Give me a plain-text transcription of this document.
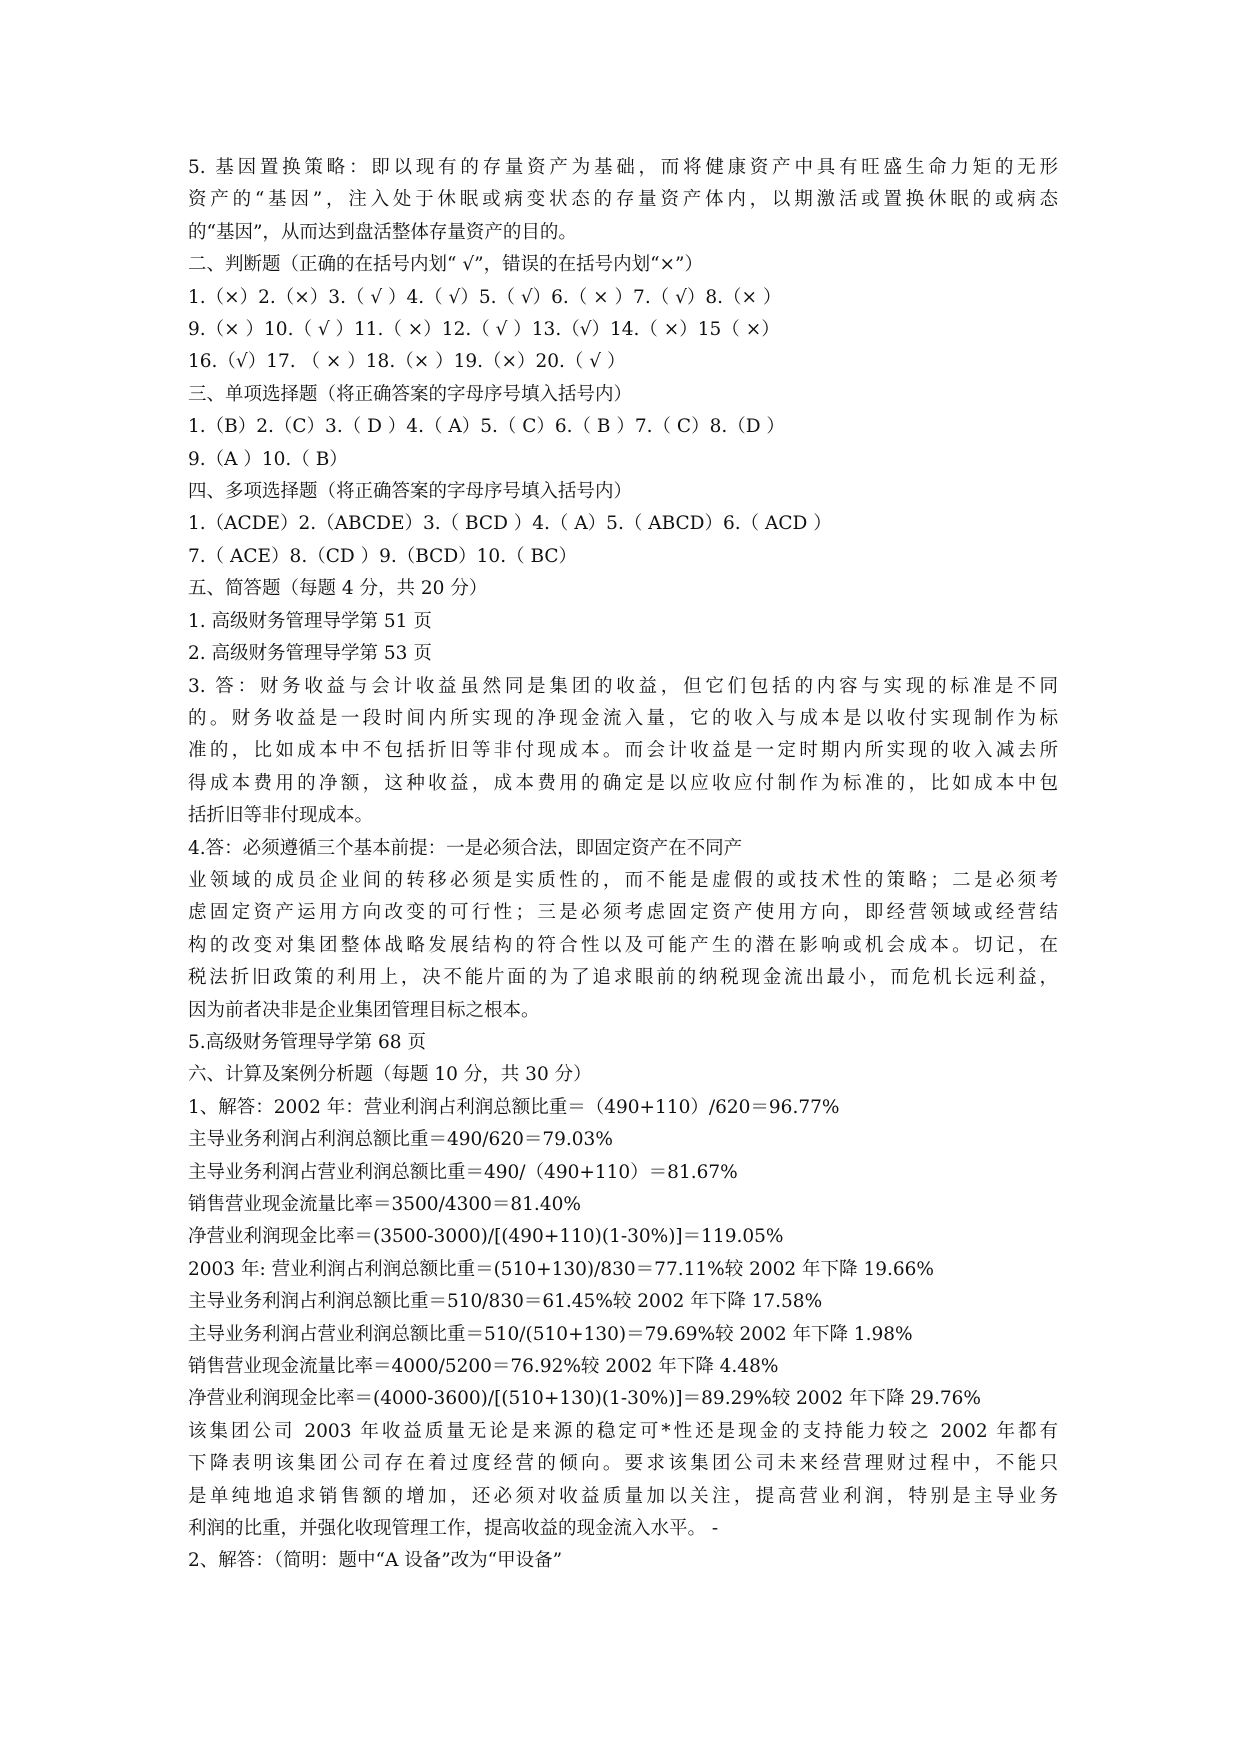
5. 基因置换策略：即以现有的存量资产为基础，而将健康资产中具有旺盛生命力矩的无形
资产的“基因”，注入处于休眠或病变状态的存量资产体内，以期激活或置换休眠的或病态
的“基因”，从而达到盘活整体存量资产的目的。
二、判断题（正确的在括号内划“ √”，错误的在括号内划“×”）
1.（×）2.（×）3.（ √ ）4.（ √）5.（ √）6.（ × ）7.（ √）8.（× ）
9.（× ）10.（ √ ）11.（ ×）12.（ √ ）13.（√）14.（ ×）15（ ×）
16.（√）17. （ × ）18.（× ）19.（×）20.（ √ ）
三、单项选择题（将正确答案的字母序号填入括号内）
1.（B）2.（C）3.（ D ）4.（ A）5.（ C）6.（ B ）7.（ C）8.（D ）
9.（A ）10.（ B）
四、多项选择题（将正确答案的字母序号填入括号内）
1.（ACDE）2.（ABCDE）3.（ BCD ）4.（ A）5.（ ABCD）6.（ ACD ）
7.（ ACE）8.（CD ）9.（BCD）10.（ BC）
五、简答题（每题 4 分，共 20 分）
1. 高级财务管理导学第 51 页
2. 高级财务管理导学第 53 页
3. 答：财务收益与会计收益虽然同是集团的收益，但它们包括的内容与实现的标准是不同
的。财务收益是一段时间内所实现的净现金流入量，它的收入与成本是以收付实现制作为标
准的，比如成本中不包括折旧等非付现成本。而会计收益是一定时期内所实现的收入减去所
得成本费用的净额，这种收益，成本费用的确定是以应收应付制作为标准的，比如成本中包
括折旧等非付现成本。
4.答：必须遵循三个基本前提：一是必须合法，即固定资产在不同产
业领域的成员企业间的转移必须是实质性的，而不能是虚假的或技术性的策略；二是必须考
虑固定资产运用方向改变的可行性；三是必须考虑固定资产使用方向，即经营领域或经营结
构的改变对集团整体战略发展结构的符合性以及可能产生的潜在影响或机会成本。切记，在
税法折旧政策的利用上，决不能片面的为了追求眼前的纳税现金流出最小，而危机长远利益，
因为前者决非是企业集团管理目标之根本。
5.高级财务管理导学第 68 页
六、计算及案例分析题（每题 10 分，共 30 分）
1、解答：2002 年：营业利润占利润总额比重＝（490+110）/620＝96.77%
主导业务利润占利润总额比重＝490/620＝79.03%
主导业务利润占营业利润总额比重＝490/（490+110）＝81.67%
销售营业现金流量比率＝3500/4300＝81.40%
净营业利润现金比率＝(3500-3000)/[(490+110)(1-30%)]＝119.05%
2003 年: 营业利润占利润总额比重＝(510+130)/830＝77.11%较 2002 年下降 19.66%
主导业务利润占利润总额比重＝510/830＝61.45%较 2002 年下降 17.58%
主导业务利润占营业利润总额比重＝510/(510+130)＝79.69%较 2002 年下降 1.98%
销售营业现金流量比率＝4000/5200＝76.92%较 2002 年下降 4.48%
净营业利润现金比率＝(4000-3600)/[(510+130)(1-30%)]＝89.29%较 2002 年下降 29.76%
该集团公司 2003 年收益质量无论是来源的稳定可*性还是现金的支持能力较之 2002 年都有
下降表明该集团公司存在着过度经营的倾向。要求该集团公司未来经营理财过程中，不能只
是单纯地追求销售额的增加，还必须对收益质量加以关注，提高营业利润，特别是主导业务
利润的比重，并强化收现管理工作，提高收益的现金流入水平。 -
2、解答：（简明：题中“A 设备”改为“甲设备”
